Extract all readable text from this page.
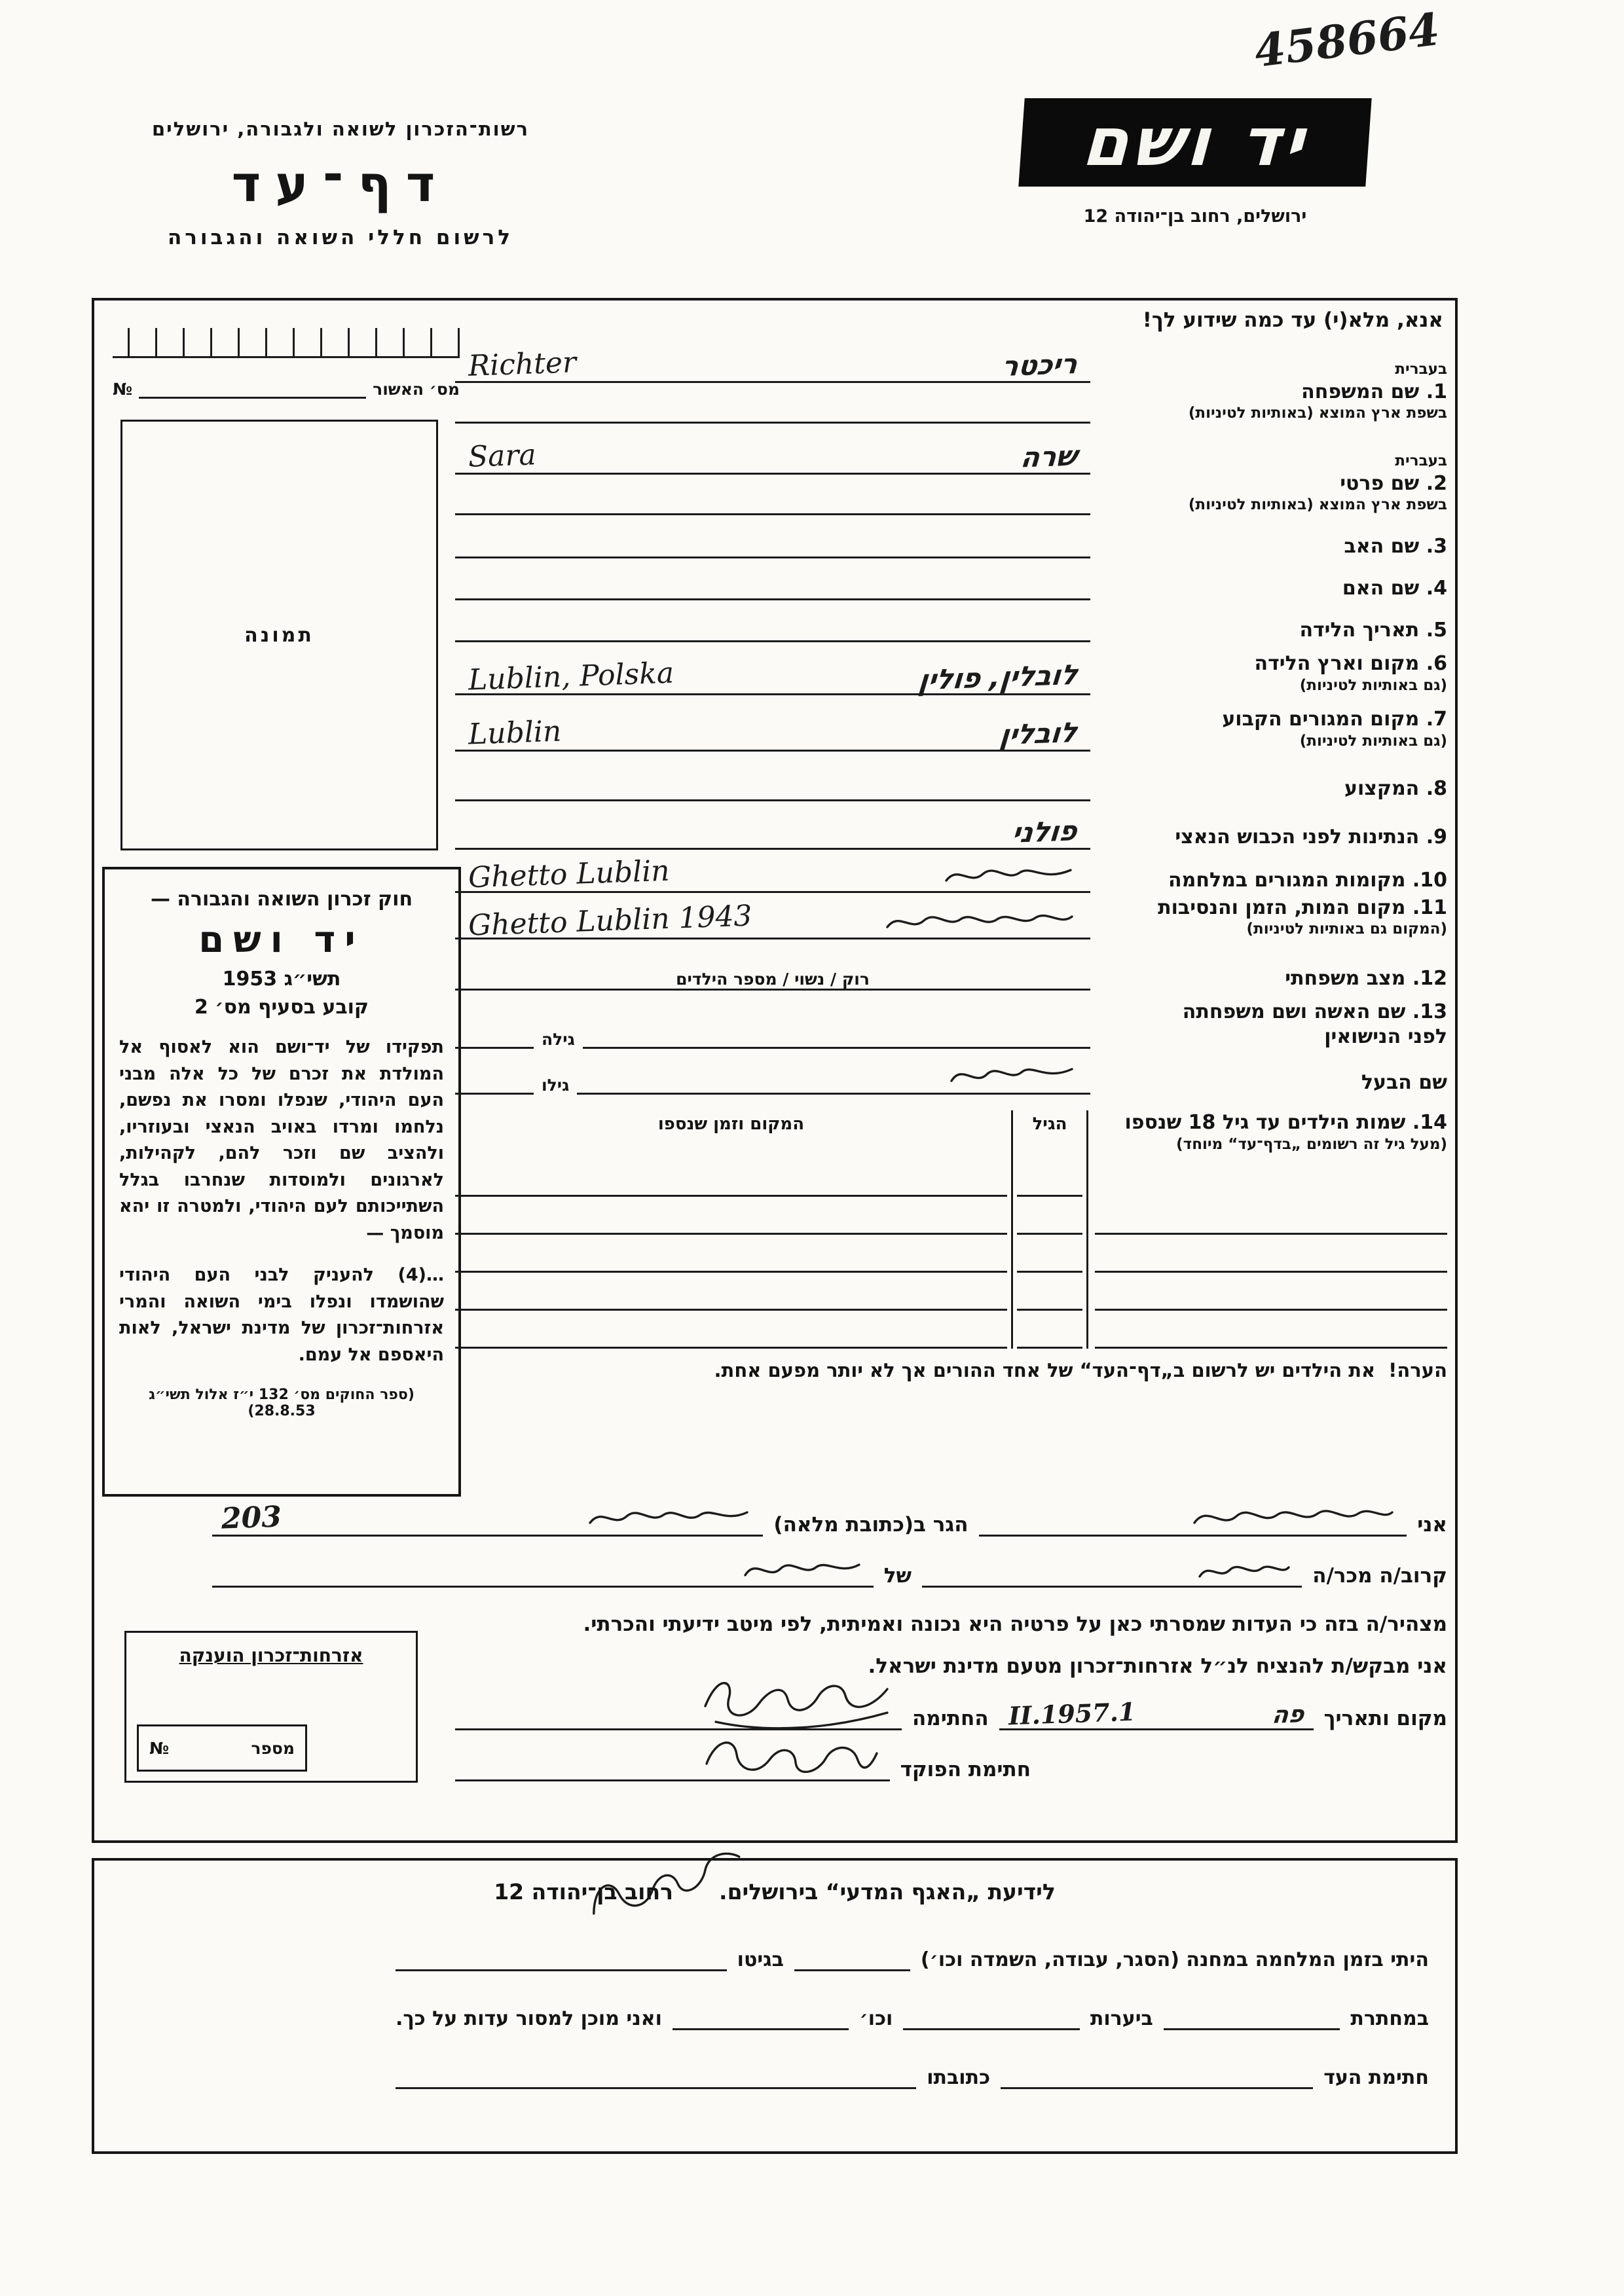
458664
רשות־הזכרון לשואה ולגבורה, ירושלים
דף־עד
לרשום חללי השואה והגבורה
יד ושם
ירושלים, רחוב בן־יהודה 12
אנא, מלא(י) עד כמה שידוע לך!
מס׳ האשור
№
תמונה
חוק זכרון השואה והגבורה —
יד ושם
תשי״ג 1953
קובע בסעיף מס׳ 2
תפקידו של יד־ושם הוא לאסוף אל המולדת את זכרם של כל אלה מבני העם היהודי, שנפלו ומסרו את נפשם, נלחמו ומרדו באויב הנאצי ובעוזריו, ולהציב שם וזכר להם, לקהילות, לארגונים ולמוסדות שנחרבו בגלל השתייכותם לעם היהודי, ולמטרה זו יהא מוסמך —
…(4) להעניק לבני העם היהודי שהושמדו ונפלו בימי השואה והמרי אזרחות־זכרון של מדינת ישראל, לאות היאספם אל עמם.
(ספר החוקים מס׳ 132 י״ז אלול תשי״ג 28.8.53)
אזרחות־זכרון הוענקה
מספר
№
בעברית
1. שם המשפחה
בשפת ארץ המוצא (באותיות לטיניות)
ריכטר
Richter
בעברית
2. שם פרטי
בשפת ארץ המוצא (באותיות לטיניות)
שרה
Sara
3. שם האב
4. שם האם
5. תאריך הלידה
6. מקום וארץ הלידה
(גם באותיות לטיניות)
לובלין, פולין
Lublin, Polska
7. מקום המגורים הקבוע
(גם באותיות לטיניות)
לובלין
Lublin
8. המקצוע
9. הנתינות לפני הכבוש הנאצי
פולני
10. מקומות המגורים במלחמה
Ghetto Lublin
11. מקום המות, הזמן והנסיבות
(המקום גם באותיות לטיניות)
Ghetto Lublin 1943
12. מצב משפחתי
רוק / נשוי / מספר הילדים
13. שם האשה ושם משפחתה
לפני הנישואין
גילה
שם הבעל
גילו
14. שמות הילדים עד גיל 18 שנספו
(מעל גיל זה רשומים „בדף־עד“ מיוחד)
הגיל
המקום וזמן שנספו
הערה!
את הילדים יש לרשום ב„דף־העד“ של אחד ההורים אך לא יותר מפעם אחת.
אני
הגר ב(כתובת מלאה)
203
קרוב/ה מכר/ה
של
מצהיר/ה בזה כי העדות שמסרתי כאן על פרטיה היא נכונה ואמיתית, לפי מיטב ידיעתי והכרתי.
אני מבקש/ת להנציח לנ״ל אזרחות־זכרון מטעם מדינת ישראל.
מקום ותאריך
פה
1.II.1957
החתימה
חתימת הפוקד
לידיעת „האגף המדעי“ בירושלים.
רחוב בן־יהודה 12
היתי בזמן המלחמה במחנה (הסגר, עבודה, השמדה וכו׳)
בגיטו
במחתרת
ביערות
וכו׳
ואני מוכן למסור עדות על כך.
חתימת העד
כתובתו
